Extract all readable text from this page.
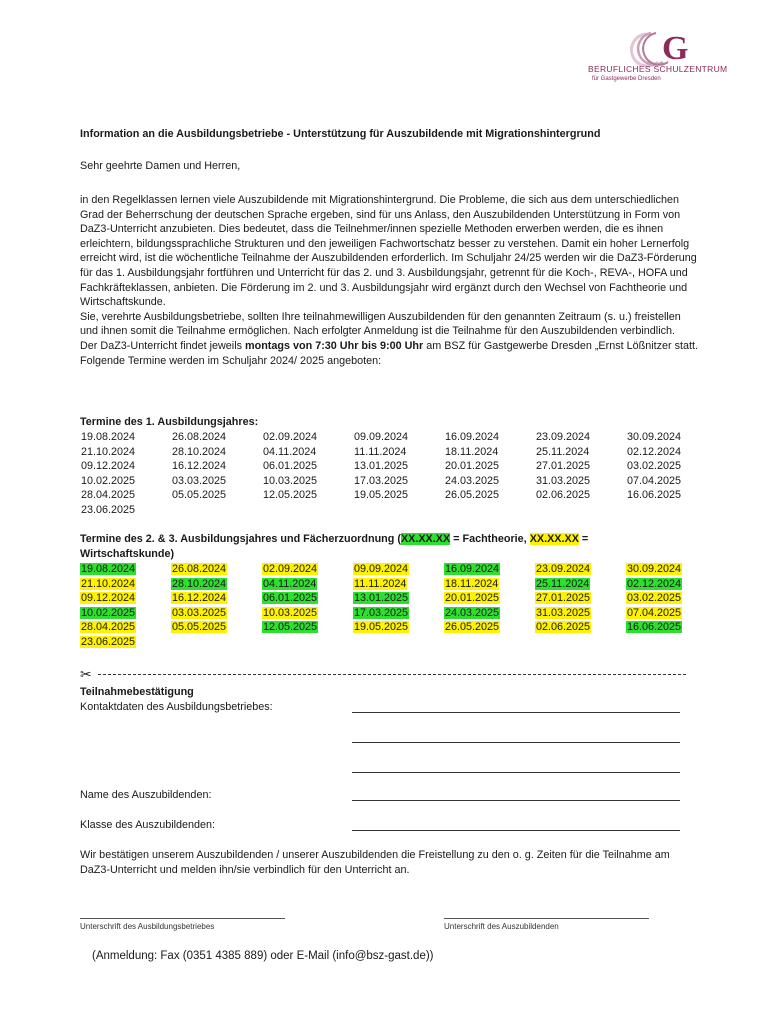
G
BERUFLICHES SCHULZENTRUM
für Gastgewerbe Dresden
Information an die Ausbildungsbetriebe - Unterstützung für Auszubildende mit Migrationshintergrund
Sehr geehrte Damen und Herren,

in den Regelklassen lernen viele Auszubildende mit Migrationshintergrund. Die Probleme, die sich aus dem unterschiedlichen Grad der Beherrschung der deutschen Sprache ergeben, sind für uns Anlass, den Auszubildenden Unterstützung in Form von DaZ3-Unterricht anzubieten. Dies bedeutet, dass die Teilnehmer/innen spezielle Methoden erwerben werden, die es ihnen erleichtern, bildungssprachliche Strukturen und den jeweiligen Fachwortschatz besser zu verstehen. Damit ein hoher Lernerfolg erreicht wird, ist die wöchentliche Teilnahme der Auszubildenden erforderlich. Im Schuljahr 24/25 werden wir die DaZ3-Förderung für das 1. Ausbildungsjahr fortführen und Unterricht für das 2. und 3. Ausbildungsjahr, getrennt für die Koch-, REVA-, HOFA und Fachkräfteklassen, anbieten. Die Förderung im 2. und 3. Ausbildungsjahr wird ergänzt durch den Wechsel von Fachtheorie und Wirtschaftskunde.

Sie, verehrte Ausbildungsbetriebe, sollten Ihre teilnahmewilligen Auszubildenden für den genannten Zeitraum (s. u.) freistellen und ihnen somit die Teilnahme ermöglichen. Nach erfolgter Anmeldung ist die Teilnahme für den Auszubildenden verbindlich.

Der DaZ3-Unterricht findet jeweils montags von 7:30 Uhr bis 9:00 Uhr am BSZ für Gastgewerbe Dresden „Ernst Lößnitzer statt. Folgende Termine werden im Schuljahr 2024/ 2025 angeboten:

Termine des 1. Ausbildungsjahres:
19.08.2024	26.08.2024	02.09.2024	09.09.2024	16.09.2024	23.09.2024	30.09.2024
21.10.2024	28.10.2024	04.11.2024	11.11.2024	18.11.2024	25.11.2024	02.12.2024
09.12.2024	16.12.2024	06.01.2025	13.01.2025	20.01.2025	27.01.2025	03.02.2025
10.02.2025	03.03.2025	10.03.2025	17.03.2025	24.03.2025	31.03.2025	07.04.2025
28.04.2025	05.05.2025	12.05.2025	19.05.2025	26.05.2025	02.06.2025	16.06.2025
23.06.2025
Termine des 2. & 3. Ausbildungsjahres und Fächerzuordnung (XX.XX.XX = Fachtheorie, XX.XX.XX = Wirtschaftskunde)
19.08.2024	26.08.2024	02.09.2024	09.09.2024	16.09.2024	23.09.2024	30.09.2024
21.10.2024	28.10.2024	04.11.2024	11.11.2024	18.11.2024	25.11.2024	02.12.2024
09.12.2024	16.12.2024	06.01.2025	13.01.2025	20.01.2025	27.01.2025	03.02.2025
10.02.2025	03.03.2025	10.03.2025	17.03.2025	24.03.2025	31.03.2025	07.04.2025
28.04.2025	05.05.2025	12.05.2025	19.05.2025	26.05.2025	02.06.2025	16.06.2025
23.06.2025
✂
Teilnahmebestätigung
Kontaktdaten des Ausbildungsbetriebes:
Name des Auszubildenden:
Klasse des Auszubildenden:
Wir bestätigen unserem Auszubildenden / unserer Auszubildenden die Freistellung zu den o. g. Zeiten für die Teilnahme am DaZ3-Unterricht und melden ihn/sie verbindlich für den Unterricht an.
Unterschrift des Ausbildungsbetriebes	Unterschrift des Auszubildenden
(Anmeldung: Fax (0351 4385 889) oder E-Mail (info@bsz-gast.de))
